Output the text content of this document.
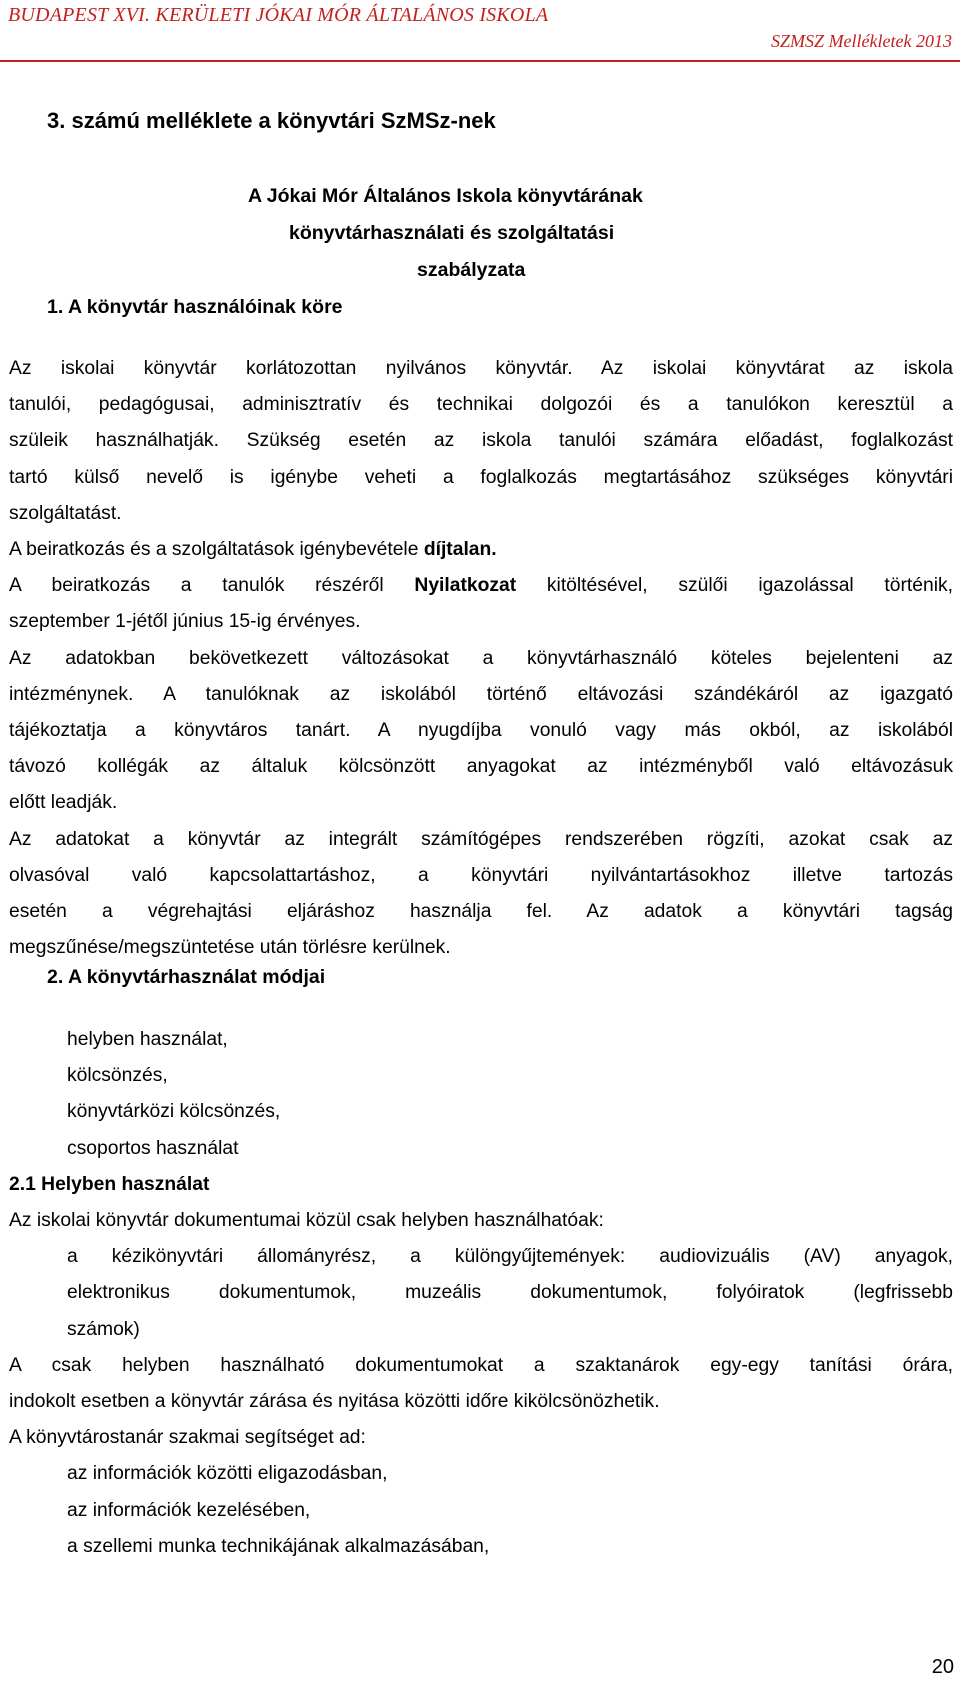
BUDAPEST XVI. KERÜLETI JÓKAI MÓR ÁLTALÁNOS ISKOLA
SZMSZ Mellékletek 2013
3. számú melléklete a könyvtári SzMSz-nek
A Jókai Mór Általános Iskola könyvtárának
könyvtárhasználati és szolgáltatási
szabályzata
1. A könyvtár használóinak köre

Az iskolai könyvtár korlátozottan nyilvános könyvtár. Az iskolai könyvtárat az iskola

tanulói, pedagógusai, adminisztratív és technikai dolgozói és a tanulókon keresztül a

szüleik használhatják. Szükség esetén az iskola tanulói számára előadást, foglalkozást

tartó külső nevelő is igénybe veheti a foglalkozás megtartásához szükséges könyvtári

szolgáltatást.

A beiratkozás és a szolgáltatások igénybevétele díjtalan.

A beiratkozás a tanulók részéről Nyilatkozat kitöltésével, szülői igazolással történik,

szeptember 1-jétől június 15-ig érvényes.

Az adatokban bekövetkezett változásokat a könyvtárhasználó köteles bejelenteni az

intézménynek. A tanulóknak az iskolából történő eltávozási szándékáról az igazgató

tájékoztatja a könyvtáros tanárt. A nyugdíjba vonuló vagy más okból, az iskolából

távozó kollégák az általuk kölcsönzött anyagokat az intézményből való eltávozásuk

előtt leadják.

Az adatokat a könyvtár az integrált számítógépes rendszerében rögzíti, azokat csak az

olvasóval való kapcsolattartáshoz, a könyvtári nyilvántartásokhoz illetve tartozás

esetén a végrehajtási eljáráshoz használja fel. Az adatok a könyvtári tagság

megszűnése/megszüntetése után törlésre kerülnek.

2. A könyvtárhasználat módjai

helyben használat,

kölcsönzés,

könyvtárközi kölcsönzés,

csoportos használat

2.1 Helyben használat

Az iskolai könyvtár dokumentumai közül csak helyben használhatóak:

a kézikönyvtári állományrész, a különgyűjtemények: audiovizuális (AV) anyagok,

elektronikus dokumentumok, muzeális dokumentumok, folyóiratok (legfrissebb

számok)

A csak helyben használható dokumentumokat a szaktanárok egy-egy tanítási órára,

indokolt esetben a könyvtár zárása és nyitása közötti időre kikölcsönözhetik.

A könyvtárostanár szakmai segítséget ad:

az információk közötti eligazodásban,

az információk kezelésében,

a szellemi munka technikájának alkalmazásában,

20
